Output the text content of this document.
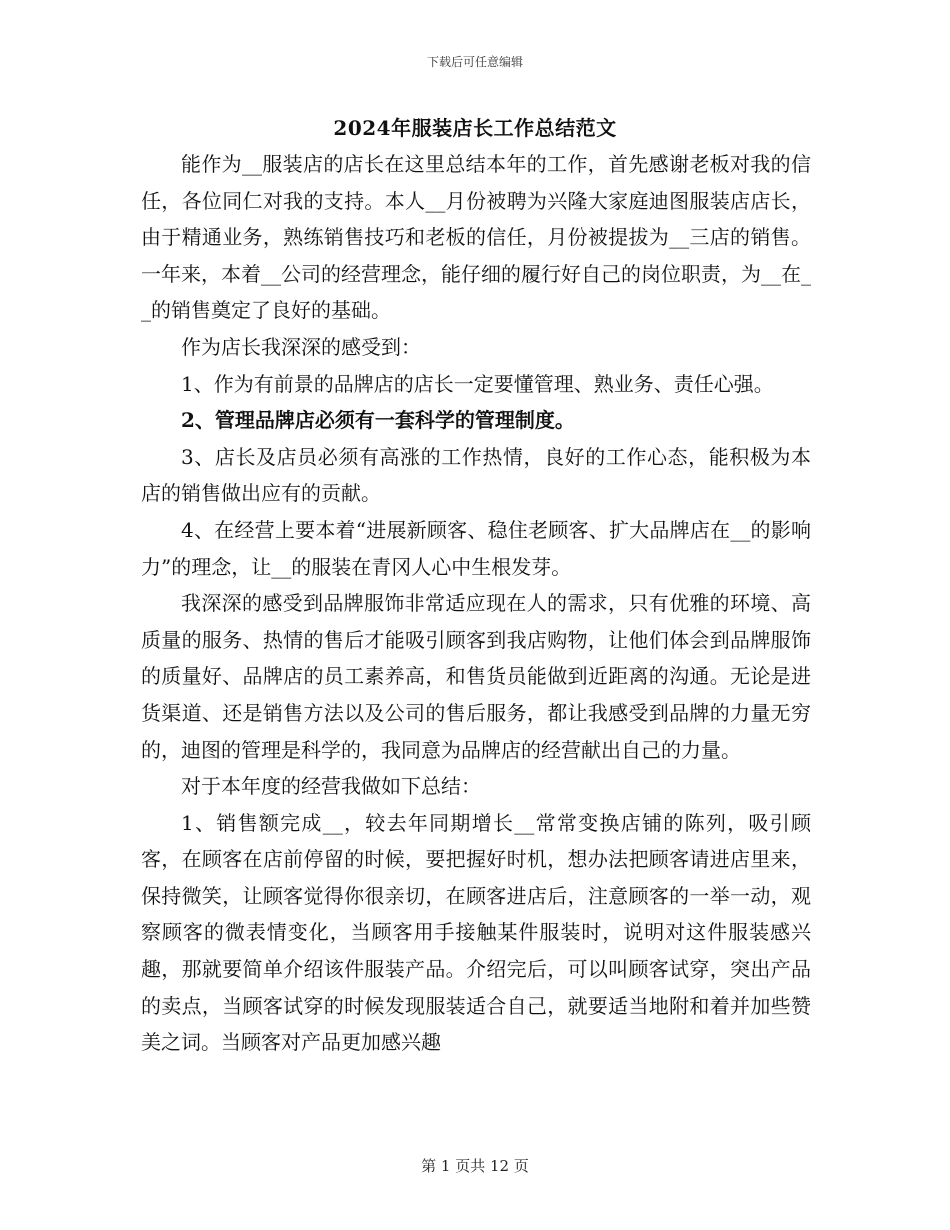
下载后可任意编辑
2024年服装店长工作总结范文

能作为__服装店的店长在这里总结本年的工作，首先感谢老板对我的信任，各位同仁对我的支持。本人__月份被聘为兴隆大家庭迪图服装店店长，由于精通业务，熟练销售技巧和老板的信任，月份被提拔为__三店的销售。一年来，本着__公司的经营理念，能仔细的履行好自己的岗位职责，为__在__的销售奠定了良好的基础。

作为店长我深深的感受到：

1、作为有前景的品牌店的店长一定要懂管理、熟业务、责任心强。

2、管理品牌店必须有一套科学的管理制度。

3、店长及店员必须有高涨的工作热情，良好的工作心态，能积极为本店的销售做出应有的贡献。

4、在经营上要本着“进展新顾客、稳住老顾客、扩大品牌店在__的影响力”的理念，让__的服装在青冈人心中生根发芽。

我深深的感受到品牌服饰非常适应现在人的需求，只有优雅的环境、高质量的服务、热情的售后才能吸引顾客到我店购物，让他们体会到品牌服饰的质量好、品牌店的员工素养高，和售货员能做到近距离的沟通。无论是进货渠道、还是销售方法以及公司的售后服务，都让我感受到品牌的力量无穷的，迪图的管理是科学的，我同意为品牌店的经营献出自己的力量。

对于本年度的经营我做如下总结：

1、销售额完成__，较去年同期增长__常常变换店铺的陈列，吸引顾客，在顾客在店前停留的时候，要把握好时机，想办法把顾客请进店里来，保持微笑，让顾客觉得你很亲切，在顾客进店后，注意顾客的一举一动，观察顾客的微表情变化，当顾客用手接触某件服装时，说明对这件服装感兴趣，那就要简单介绍该件服装产品。介绍完后，可以叫顾客试穿，突出产品的卖点，当顾客试穿的时候发现服装适合自己，就要适当地附和着并加些赞美之词。当顾客对产品更加感兴趣

第 1 页共 12 页
